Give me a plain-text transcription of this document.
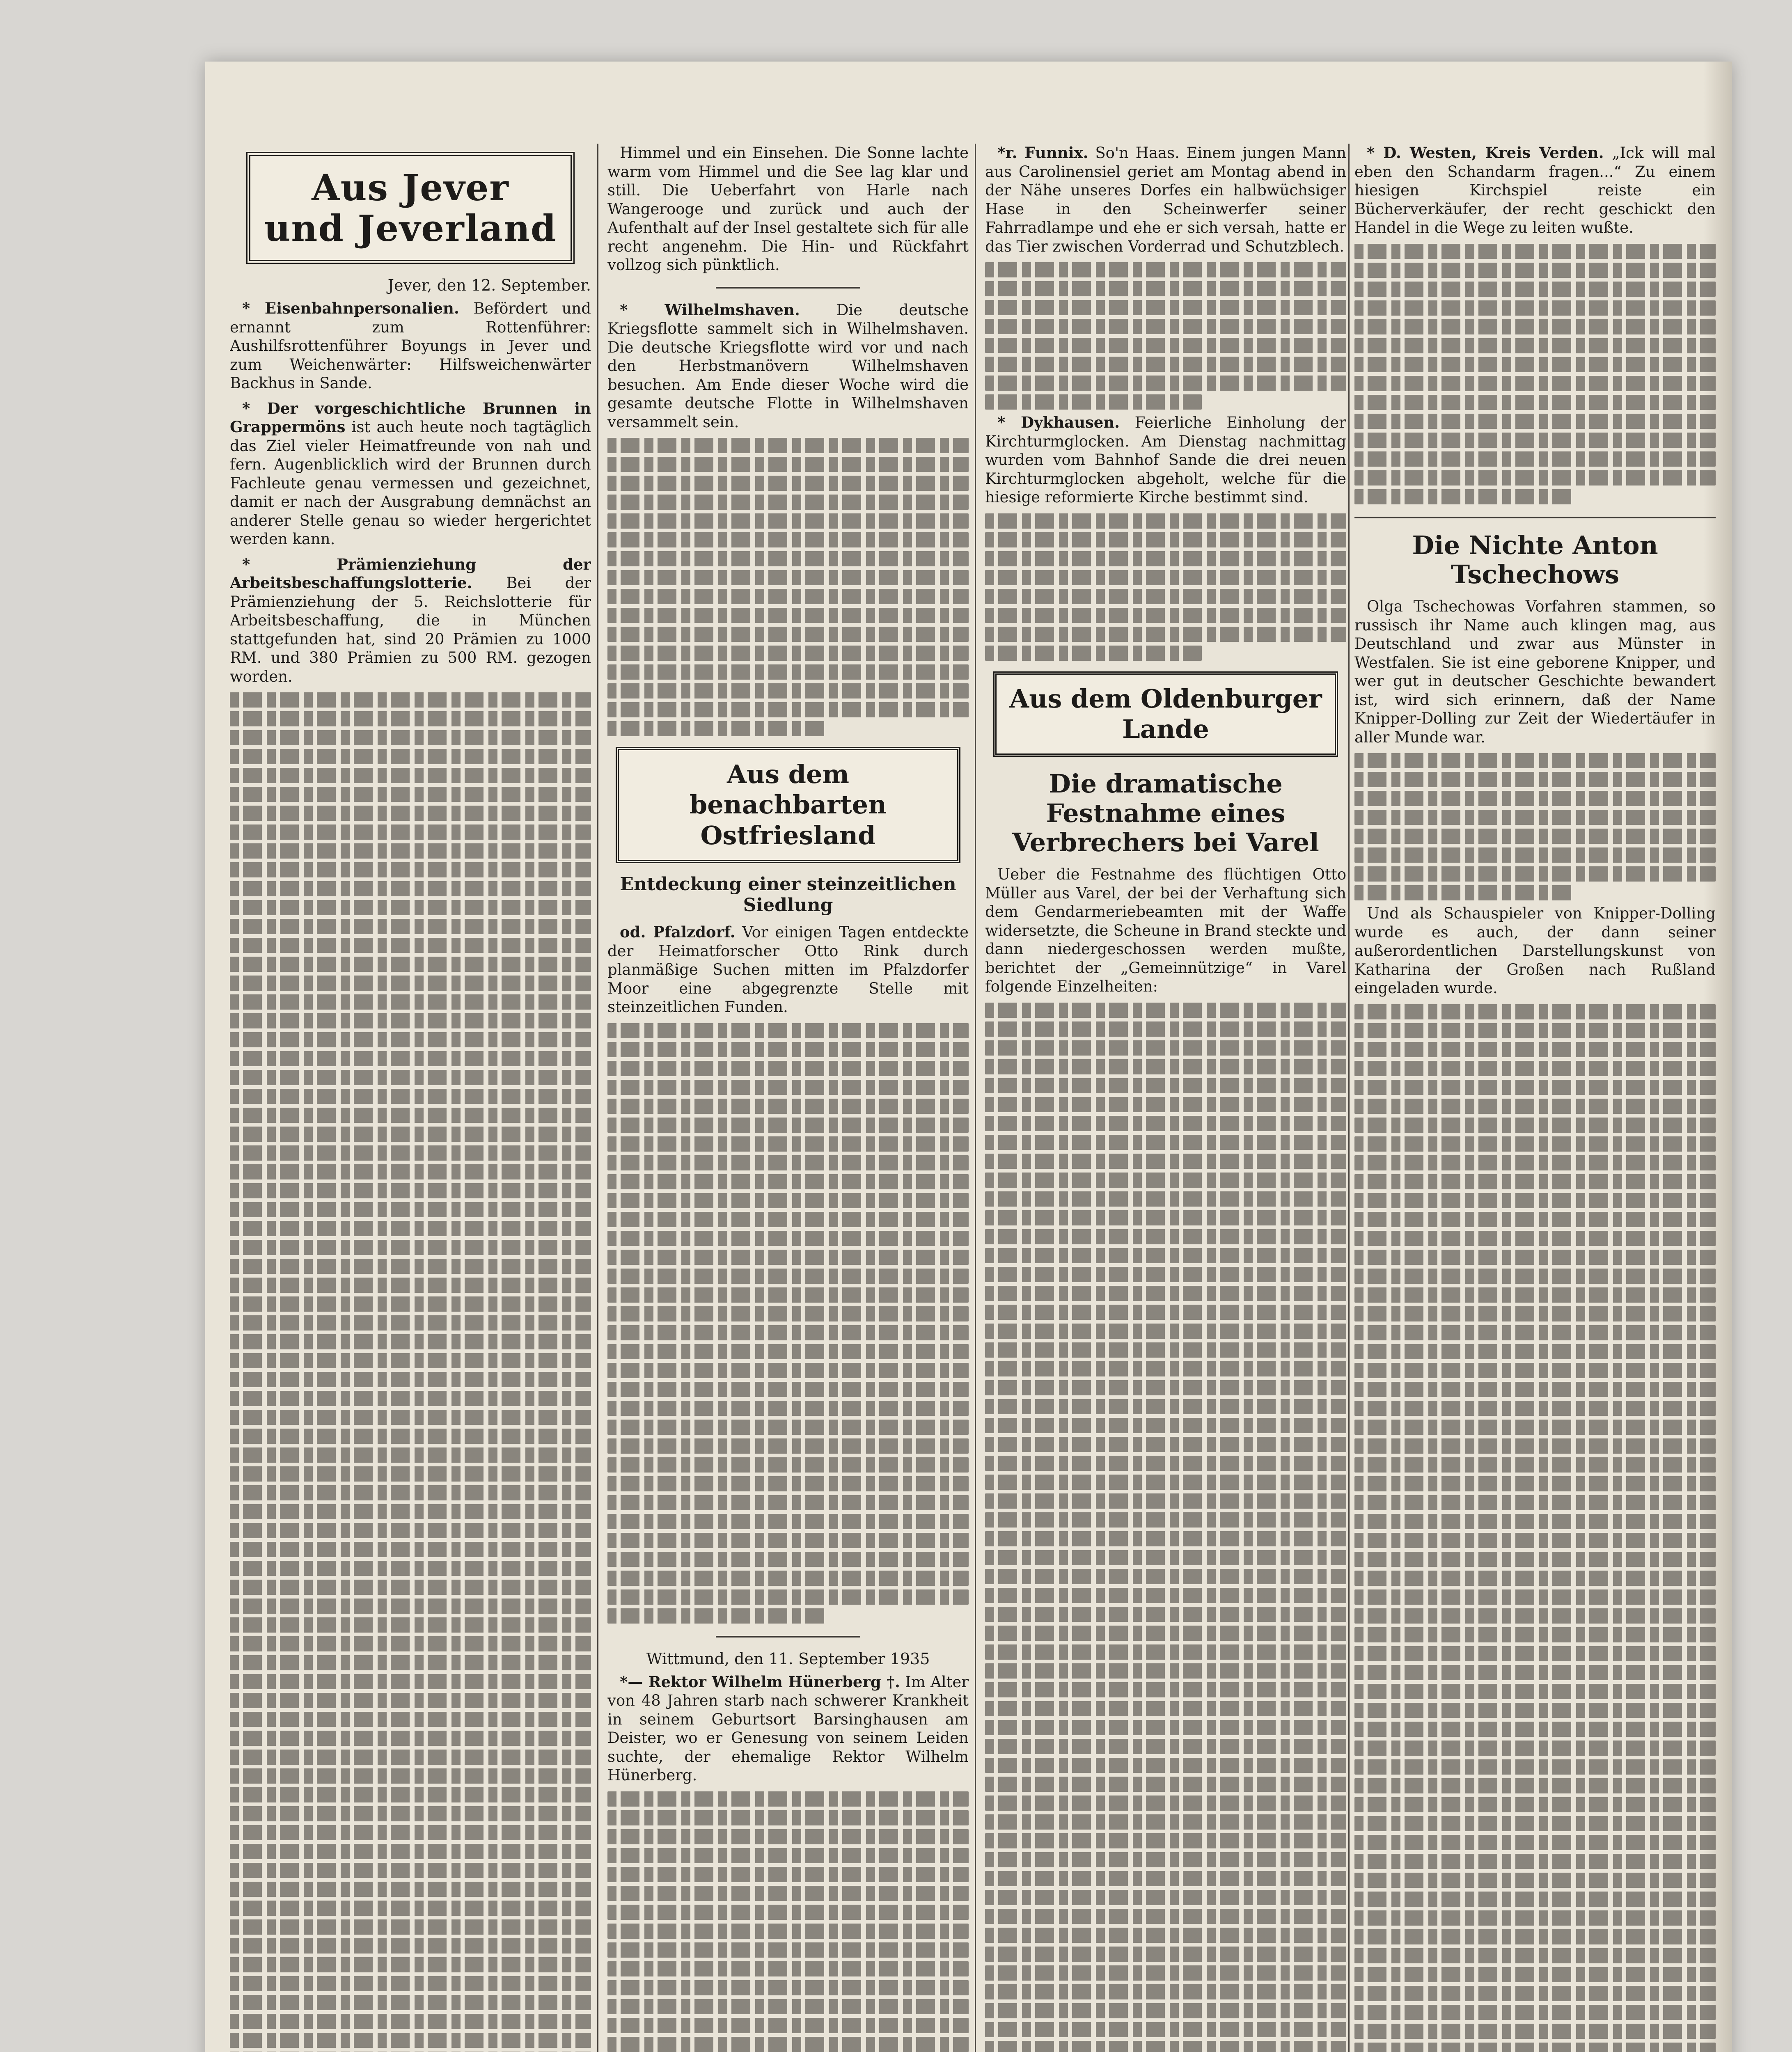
Aus Jever
und Jeverland
Jever, den 12. September.

* Eisenbahnpersonalien. Befördert und ernannt zum Rottenführer: Aushilfsrottenführer Boyungs in Jever und zum Weichenwärter: Hilfsweichenwärter Backhus in Sande.

* Der vorgeschichtliche Brunnen in Grappermöns ist auch heute noch tagtäglich das Ziel vieler Heimatfreunde von nah und fern. Augenblicklich wird der Brunnen durch Fachleute genau vermessen und gezeichnet, damit er nach der Ausgrabung demnächst an anderer Stelle genau so wieder hergerichtet werden kann.

* Prämienziehung der Arbeitsbeschaffungslotterie. Bei der Prämienziehung der 5. Reichslotterie für Arbeitsbeschaffung, die in München stattgefunden hat, sind 20 Prämien zu 1000 RM. und 380 Prämien zu 500 RM. gezogen worden.

Himmel und ein Einsehen. Die Sonne lachte warm vom Himmel und die See lag klar und still. Die Ueberfahrt von Harle nach Wangerooge und zurück und auch der Aufenthalt auf der Insel gestaltete sich für alle recht angenehm. Die Hin- und Rückfahrt vollzog sich pünktlich.

* Wilhelmshaven. Die deutsche Kriegsflotte sammelt sich in Wilhelmshaven. Die deutsche Kriegsflotte wird vor und nach den Herbstmanövern Wilhelmshaven besuchen. Am Ende dieser Woche wird die gesamte deutsche Flotte in Wilhelmshaven versammelt sein.

Aus dem benachbarten
Ostfriesland
Entdeckung einer steinzeitlichen Siedlung

od. Pfalzdorf. Vor einigen Tagen entdeckte der Heimatforscher Otto Rink durch planmäßige Suchen mitten im Pfalzdorfer Moor eine abgegrenzte Stelle mit steinzeitlichen Funden.

Wittmund, den 11. September 1935

*— Rektor Wilhelm Hünerberg †. Im Alter von 48 Jahren starb nach schwerer Krankheit in seinem Geburtsort Barsinghausen am Deister, wo er Genesung von seinem Leiden suchte, der ehemalige Rektor Wilhelm Hünerberg.

*r. Funnix. So'n Haas. Einem jungen Mann aus Carolinensiel geriet am Montag abend in der Nähe unseres Dorfes ein halbwüchsiger Hase in den Scheinwerfer seiner Fahrradlampe und ehe er sich versah, hatte er das Tier zwischen Vorderrad und Schutzblech.

* Dykhausen. Feierliche Einholung der Kirchturmglocken. Am Dienstag nachmittag wurden vom Bahnhof Sande die drei neuen Kirchturmglocken abgeholt, welche für die hiesige reformierte Kirche bestimmt sind.

Aus dem Oldenburger
Lande
Die dramatische Festnahme eines Verbrechers bei Varel

Ueber die Festnahme des flüchtigen Otto Müller aus Varel, der bei der Verhaftung sich dem Gendarmeriebeamten mit der Waffe widersetzte, die Scheune in Brand steckte und dann niedergeschossen werden mußte, berichtet der „Gemeinnützige“ in Varel folgende Einzelheiten:

* D. Westen, Kreis Verden. „Ick will mal eben den Schandarm fragen...“ Zu einem hiesigen Kirchspiel reiste ein Bücherverkäufer, der recht geschickt den Handel in die Wege zu leiten wußte.

Die Nichte Anton Tschechows

Olga Tschechowas Vorfahren stammen, so russisch ihr Name auch klingen mag, aus Deutschland und zwar aus Münster in Westfalen. Sie ist eine geborene Knipper, und wer gut in deutscher Geschichte bewandert ist, wird sich erinnern, daß der Name Knipper-Dolling zur Zeit der Wiedertäufer in aller Munde war.

Und als Schauspieler von Knipper-Dolling wurde es auch, der dann seiner außerordentlichen Darstellungskunst von Katharina der Großen nach Rußland eingeladen wurde.
